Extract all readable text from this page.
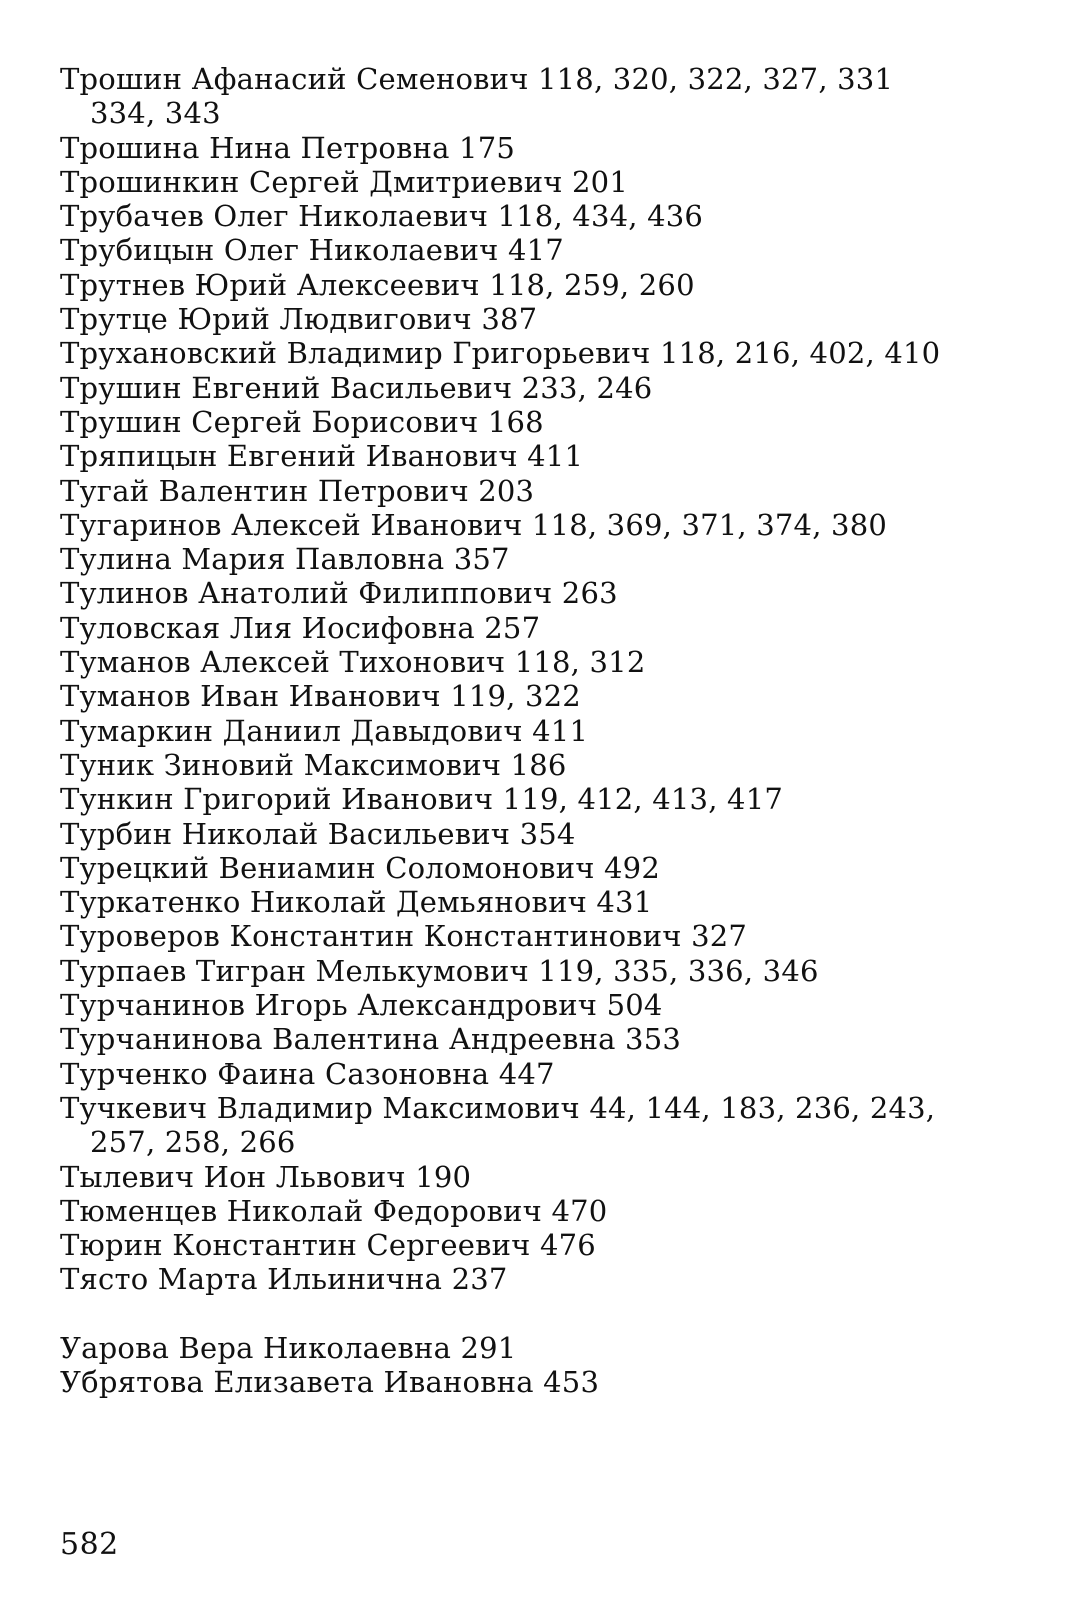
Трошин Афанасий Семенович 118, 320, 322, 327, 331
334, 343
Трошина Нина Петровна 175
Трошинкин Сергей Дмитриевич 201
Трубачев Олег Николаевич 118, 434, 436
Трубицын Олег Николаевич 417
Трутнев Юрий Алексеевич 118, 259, 260
Трутце Юрий Людвигович 387
Трухановский Владимир Григорьевич 118, 216, 402, 410
Трушин Евгений Васильевич 233, 246
Трушин Сергей Борисович 168
Тряпицын Евгений Иванович 411
Тугай Валентин Петрович 203
Тугаринов Алексей Иванович 118, 369, 371, 374, 380
Тулина Мария Павловна 357
Тулинов Анатолий Филиппович 263
Туловская Лия Иосифовна 257
Туманов Алексей Тихонович 118, 312
Туманов Иван Иванович 119, 322
Тумаркин Даниил Давыдович 411
Туник Зиновий Максимович 186
Тункин Григорий Иванович 119, 412, 413, 417
Турбин Николай Васильевич 354
Турецкий Вениамин Соломонович 492
Туркатенко Николай Демьянович 431
Туроверов Константин Константинович 327
Турпаев Тигран Мелькумович 119, 335, 336, 346
Турчанинов Игорь Александрович 504
Турчанинова Валентина Андреевна 353
Турченко Фаина Сазоновна 447
Тучкевич Владимир Максимович 44, 144, 183, 236, 243,
257, 258, 266
Тылевич Ион Львович 190
Тюменцев Николай Федорович 470
Тюрин Константин Сергеевич 476
Тясто Марта Ильинична 237
Уарова Вера Николаевна 291
Убрятова Елизавета Ивановна 453
582
